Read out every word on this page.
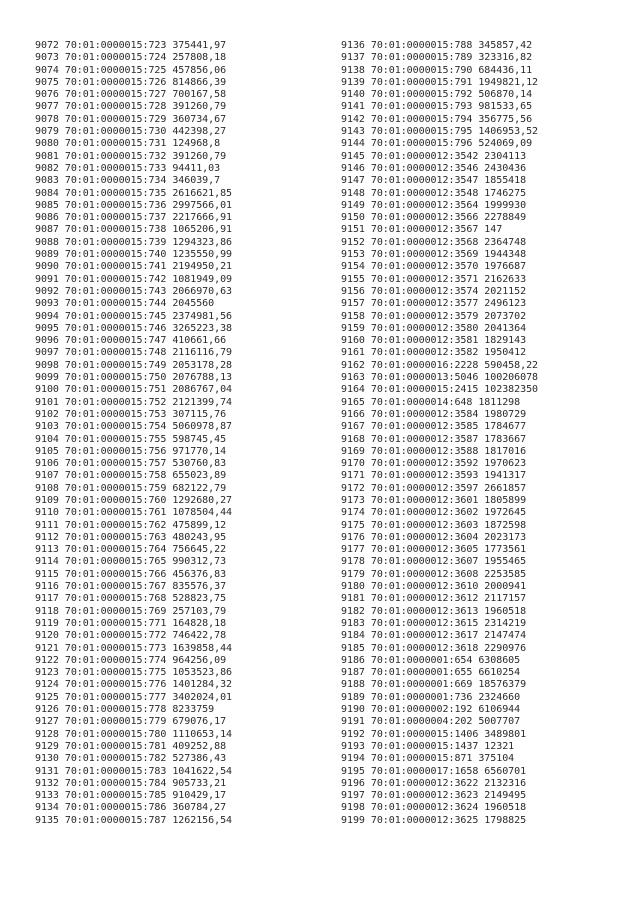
9072 70:01:0000015:723 375441,97
9073 70:01:0000015:724 257808,18
9074 70:01:0000015:725 457856,06
9075 70:01:0000015:726 814866,39
9076 70:01:0000015:727 700167,58
9077 70:01:0000015:728 391260,79
9078 70:01:0000015:729 360734,67
9079 70:01:0000015:730 442398,27
9080 70:01:0000015:731 124968,8
9081 70:01:0000015:732 391260,79
9082 70:01:0000015:733 94411,03
9083 70:01:0000015:734 346039,7
9084 70:01:0000015:735 2616621,85
9085 70:01:0000015:736 2997566,01
9086 70:01:0000015:737 2217666,91
9087 70:01:0000015:738 1065206,91
9088 70:01:0000015:739 1294323,86
9089 70:01:0000015:740 1235550,99
9090 70:01:0000015:741 2194950,21
9091 70:01:0000015:742 1081949,09
9092 70:01:0000015:743 2066970,63
9093 70:01:0000015:744 2045560
9094 70:01:0000015:745 2374981,56
9095 70:01:0000015:746 3265223,38
9096 70:01:0000015:747 410661,66
9097 70:01:0000015:748 2116116,79
9098 70:01:0000015:749 2053178,28
9099 70:01:0000015:750 2076788,13
9100 70:01:0000015:751 2086767,04
9101 70:01:0000015:752 2121399,74
9102 70:01:0000015:753 307115,76
9103 70:01:0000015:754 5060978,87
9104 70:01:0000015:755 598745,45
9105 70:01:0000015:756 971770,14
9106 70:01:0000015:757 530760,83
9107 70:01:0000015:758 655023,89
9108 70:01:0000015:759 682122,79
9109 70:01:0000015:760 1292680,27
9110 70:01:0000015:761 1078504,44
9111 70:01:0000015:762 475899,12
9112 70:01:0000015:763 480243,95
9113 70:01:0000015:764 756645,22
9114 70:01:0000015:765 990312,73
9115 70:01:0000015:766 456376,83
9116 70:01:0000015:767 835576,37
9117 70:01:0000015:768 528823,75
9118 70:01:0000015:769 257103,79
9119 70:01:0000015:771 164828,18
9120 70:01:0000015:772 746422,78
9121 70:01:0000015:773 1639858,44
9122 70:01:0000015:774 964256,09
9123 70:01:0000015:775 1053523,86
9124 70:01:0000015:776 1401284,32
9125 70:01:0000015:777 3402024,01
9126 70:01:0000015:778 8233759
9127 70:01:0000015:779 679076,17
9128 70:01:0000015:780 1110653,14
9129 70:01:0000015:781 409252,88
9130 70:01:0000015:782 527386,43
9131 70:01:0000015:783 1041622,54
9132 70:01:0000015:784 905733,21
9133 70:01:0000015:785 910429,17
9134 70:01:0000015:786 360784,27
9135 70:01:0000015:787 1262156,54
9136 70:01:0000015:788 345857,42
9137 70:01:0000015:789 323316,82
9138 70:01:0000015:790 684436,11
9139 70:01:0000015:791 1949821,12
9140 70:01:0000015:792 506870,14
9141 70:01:0000015:793 981533,65
9142 70:01:0000015:794 356775,56
9143 70:01:0000015:795 1406953,52
9144 70:01:0000015:796 524069,09
9145 70:01:0000012:3542 2304113
9146 70:01:0000012:3546 2430436
9147 70:01:0000012:3547 1855418
9148 70:01:0000012:3548 1746275
9149 70:01:0000012:3564 1999930
9150 70:01:0000012:3566 2278849
9151 70:01:0000012:3567 147
9152 70:01:0000012:3568 2364748
9153 70:01:0000012:3569 1944348
9154 70:01:0000012:3570 1976687
9155 70:01:0000012:3571 2162633
9156 70:01:0000012:3574 2021152
9157 70:01:0000012:3577 2496123
9158 70:01:0000012:3579 2073702
9159 70:01:0000012:3580 2041364
9160 70:01:0000012:3581 1829143
9161 70:01:0000012:3582 1950412
9162 70:01:0000016:2228 590458,22
9163 70:01:0000013:5046 100206078
9164 70:01:0000015:2415 102382350
9165 70:01:0000014:648 1811298
9166 70:01:0000012:3584 1980729
9167 70:01:0000012:3585 1784677
9168 70:01:0000012:3587 1783667
9169 70:01:0000012:3588 1817016
9170 70:01:0000012:3592 1970623
9171 70:01:0000012:3593 1941317
9172 70:01:0000012:3597 2661857
9173 70:01:0000012:3601 1805899
9174 70:01:0000012:3602 1972645
9175 70:01:0000012:3603 1872598
9176 70:01:0000012:3604 2023173
9177 70:01:0000012:3605 1773561
9178 70:01:0000012:3607 1955465
9179 70:01:0000012:3608 2253585
9180 70:01:0000012:3610 2000941
9181 70:01:0000012:3612 2117157
9182 70:01:0000012:3613 1960518
9183 70:01:0000012:3615 2314219
9184 70:01:0000012:3617 2147474
9185 70:01:0000012:3618 2290976
9186 70:01:0000001:654 6308605
9187 70:01:0000001:655 6610254
9188 70:01:0000001:669 18576379
9189 70:01:0000001:736 2324660
9190 70:01:0000002:192 6106944
9191 70:01:0000004:202 5007707
9192 70:01:0000015:1406 3489801
9193 70:01:0000015:1437 12321
9194 70:01:0000015:871 375104
9195 70:01:0000017:1658 6560701
9196 70:01:0000012:3622 2132316
9197 70:01:0000012:3623 2149495
9198 70:01:0000012:3624 1960518
9199 70:01:0000012:3625 1798825
